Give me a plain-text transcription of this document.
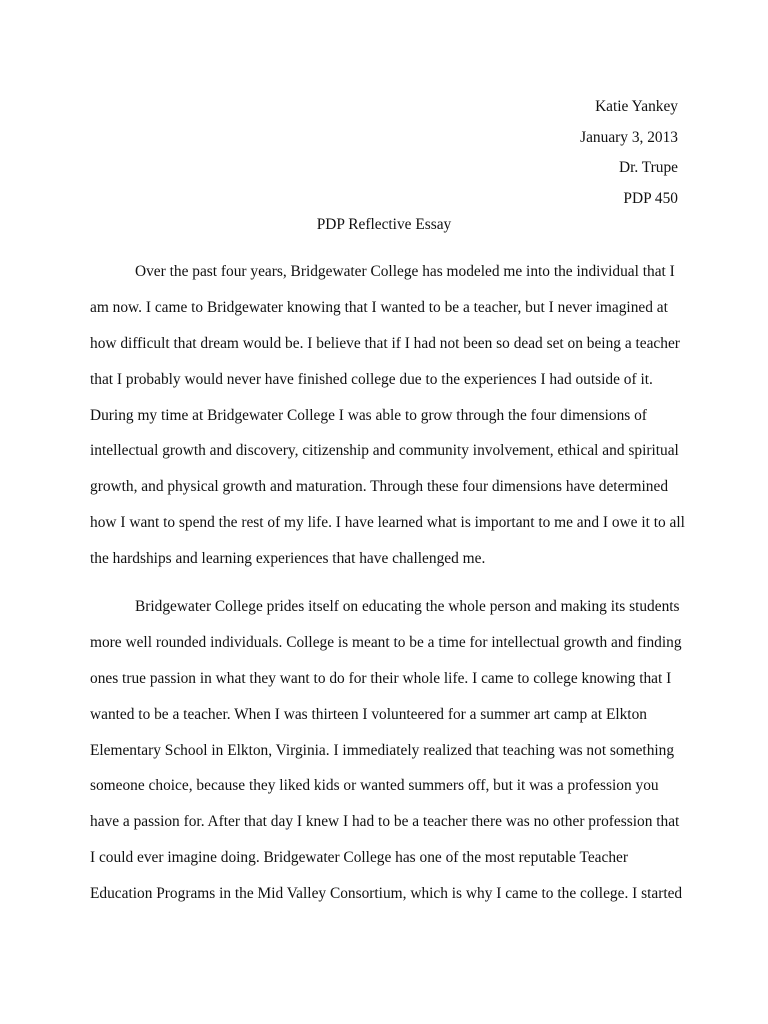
Katie Yankey
January 3, 2013
Dr. Trupe
PDP 450
PDP Reflective Essay
Over the past four years, Bridgewater College has modeled me into the individual that I
am now. I came to Bridgewater knowing that I wanted to be a teacher, but I never imagined at
how difficult that dream would be. I believe that if I had not been so dead set on being a teacher
that I probably would never have finished college due to the experiences I had outside of it.
During my time at Bridgewater College I was able to grow through the four dimensions of
intellectual growth and discovery, citizenship and community involvement, ethical and spiritual
growth, and physical growth and maturation. Through these four dimensions have determined
how I want to spend the rest of my life. I have learned what is important to me and I owe it to all
the hardships and learning experiences that have challenged me.
Bridgewater College prides itself on educating the whole person and making its students
more well rounded individuals. College is meant to be a time for intellectual growth and finding
ones true passion in what they want to do for their whole life. I came to college knowing that I
wanted to be a teacher. When I was thirteen I volunteered for a summer art camp at Elkton
Elementary School in Elkton, Virginia. I immediately realized that teaching was not something
someone choice, because they liked kids or wanted summers off, but it was a profession you
have a passion for. After that day I knew I had to be a teacher there was no other profession that
I could ever imagine doing. Bridgewater College has one of the most reputable Teacher
Education Programs in the Mid Valley Consortium, which is why I came to the college. I started
